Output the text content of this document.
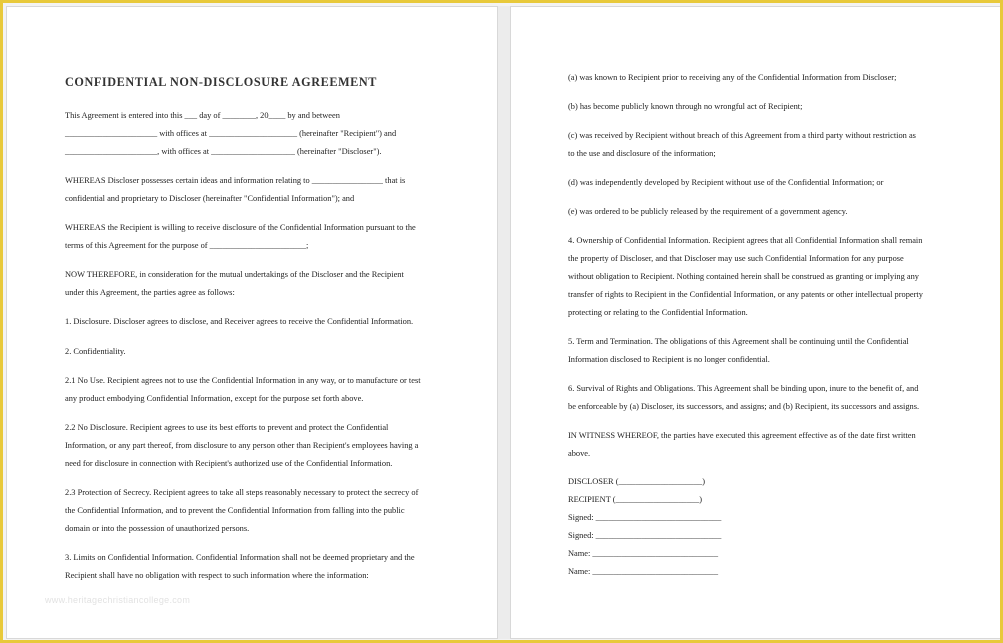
CONFIDENTIAL NON-DISCLOSURE AGREEMENT

This Agreement is entered into this ___ day of ________, 20____ by and between

______________________ with offices at _____________________ (hereinafter "Recipient") and

______________________, with offices at ____________________ (hereinafter "Discloser").

WHEREAS Discloser possesses certain ideas and information relating to _________________ that is

confidential and proprietary to Discloser (hereinafter "Confidential Information"); and

WHEREAS the Recipient is willing to receive disclosure of the Confidential Information pursuant to the

terms of this Agreement for the purpose of _______________________;

NOW THEREFORE, in consideration for the mutual undertakings of the Discloser and the Recipient

under this Agreement, the parties agree as follows:

1. Disclosure. Discloser agrees to disclose, and Receiver agrees to receive the Confidential Information.

2. Confidentiality.

2.1 No Use. Recipient agrees not to use the Confidential Information in any way, or to manufacture or test

any product embodying Confidential Information, except for the purpose set forth above.

2.2 No Disclosure. Recipient agrees to use its best efforts to prevent and protect the Confidential

Information, or any part thereof, from disclosure to any person other than Recipient's employees having a

need for disclosure in connection with Recipient's authorized use of the Confidential Information.

2.3 Protection of Secrecy. Recipient agrees to take all steps reasonably necessary to protect the secrecy of

the Confidential Information, and to prevent the Confidential Information from falling into the public

domain or into the possession of unauthorized persons.

3. Limits on Confidential Information. Confidential Information shall not be deemed proprietary and the

Recipient shall have no obligation with respect to such information where the information:

www.heritagechristiancollege.com

(a) was known to Recipient prior to receiving any of the Confidential Information from Discloser;

(b) has become publicly known through no wrongful act of Recipient;

(c) was received by Recipient without breach of this Agreement from a third party without restriction as

to the use and disclosure of the information;

(d) was independently developed by Recipient without use of the Confidential Information; or

(e) was ordered to be publicly released by the requirement of a government agency.

4. Ownership of Confidential Information. Recipient agrees that all Confidential Information shall remain

the property of Discloser, and that Discloser may use such Confidential Information for any purpose

without obligation to Recipient. Nothing contained herein shall be construed as granting or implying any

transfer of rights to Recipient in the Confidential Information, or any patents or other intellectual property

protecting or relating to the Confidential Information.

5. Term and Termination. The obligations of this Agreement shall be continuing until the Confidential

Information disclosed to Recipient is no longer confidential.

6. Survival of Rights and Obligations. This Agreement shall be binding upon, inure to the benefit of, and

be enforceable by (a) Discloser, its successors, and assigns; and (b) Recipient, its successors and assigns.

IN WITNESS WHEREOF, the parties have executed this agreement effective as of the date first written

above.

DISCLOSER (____________________)

RECIPIENT (____________________)

Signed: ______________________________

Signed: ______________________________

Name: ______________________________

Name: ______________________________
